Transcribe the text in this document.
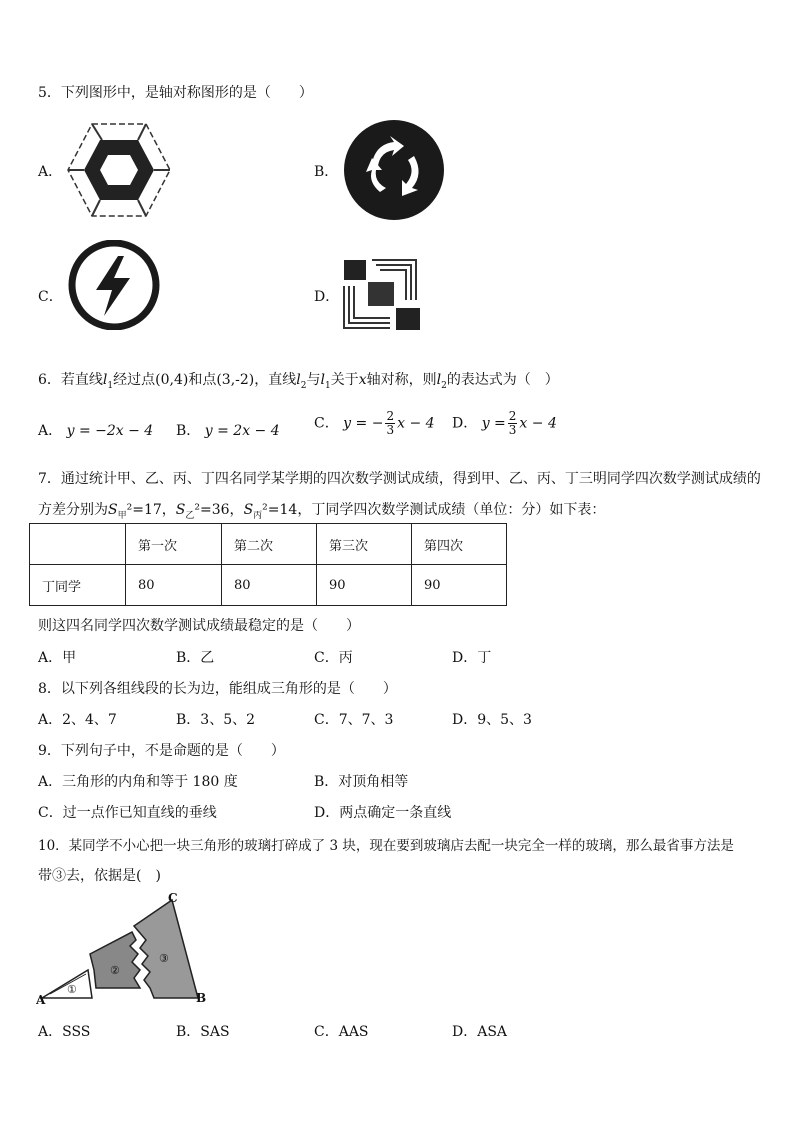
5．下列图形中，是轴对称图形的是（　　）
A．	B．
C．	D．
6．若直线$l_1$经过点(0,4)和点(3,-2)，直线$l_2$与$l_1$关于x轴对称，则$l_2$的表达式为（　）
A． y = −2x − 4 B． y = 2x − 4 C． y = − $\frac{2}{3}$ x − 4 D． $y = \frac{2}{3}$ x − 4
7．通过统计甲、乙、丙、丁四名同学某学期的四次数学测试成绩，得到甲、乙、丙、丁三明同学四次数学测试成绩的
方差分别为$S_甲^2=17$，$S_乙^2=36$，$S_丙^2=14$，丁同学四次数学测试成绩（单位：分）如下表：
	第一次	第二次	第三次	第四次
丁同学	80	80	90	90
则这四名同学四次数学测试成绩最稳定的是（　　）
A．甲	B．乙	C．丙	D．丁
8．以下列各组线段的长为边，能组成三角形的是（　　）
A．2、4、7	B．3、5、2	C．7、7、3	D．9、5、3
9．下列句子中，不是命题的是（　　）
A．三角形的内角和等于 180 度	B．对顶角相等
C．过一点作已知直线的垂线	D．两点确定一条直线
10．某同学不小心把一块三角形的玻璃打碎成了 3 块，现在要到玻璃店去配一块完全一样的玻璃，那么最省事方法是
带③去，依据是(　)
A	B
C
①
②
③
A．SSS	B．SAS	C．AAS	D．ASA
